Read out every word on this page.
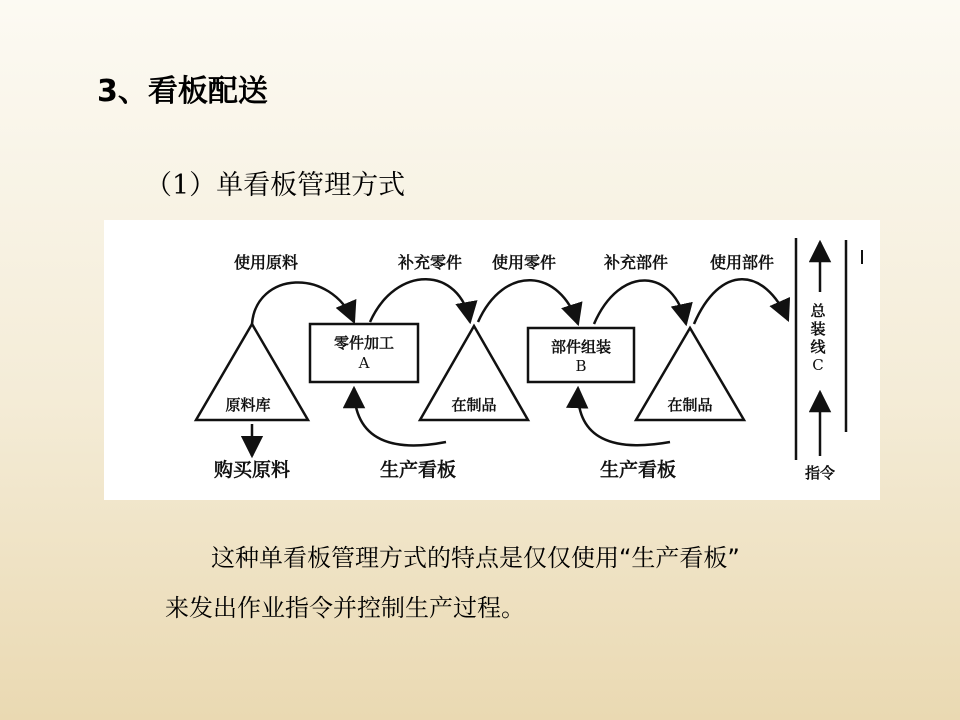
3、看板配送
（1）单看板管理方式
使用原料	补充零件 使用零件	补充部件	使用部件
原料库
零件加工
A
在制品
部件组装
B
在制品
总
装
线
C
购买原料	生产看板	生产看板	指令
这种单看板管理方式的特点是仅仅使用“生产看板”
来发出作业指令并控制生产过程。
